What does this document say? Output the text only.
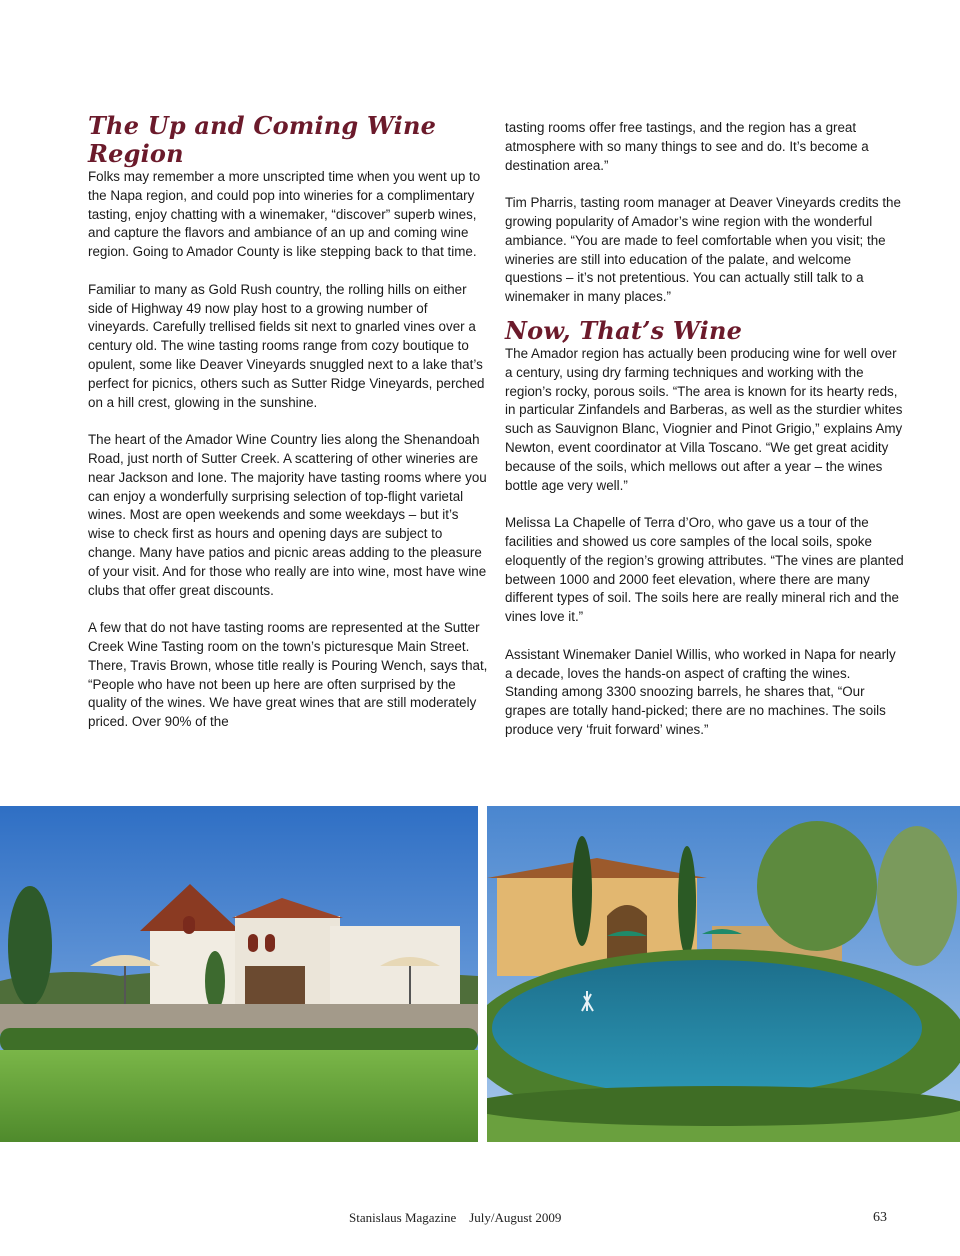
The Up and Coming Wine Region

Folks may remember a more unscripted time when you went up to the Napa region, and could pop into wineries for a complimentary tasting, enjoy chatting with a winemaker, “discover” superb wines, and capture the flavors and ambiance of an up and coming wine region. Going to Amador County is like stepping back to that time.

Familiar to many as Gold Rush country, the rolling hills on either side of Highway 49 now play host to a growing number of vineyards. Carefully trellised fields sit next to gnarled vines over a century old. The wine tasting rooms range from cozy boutique to opulent, some like Deaver Vineyards snuggled next to a lake that’s perfect for picnics, others such as Sutter Ridge Vineyards, perched on a hill crest, glowing in the sunshine.

The heart of the Amador Wine Country lies along the Shenandoah Road, just north of Sutter Creek. A scattering of other wineries are near Jackson and Ione. The majority have tasting rooms where you can enjoy a wonderfully surprising selection of top-flight varietal wines. Most are open weekends and some weekdays – but it’s wise to check first as hours and opening days are subject to change. Many have patios and picnic areas adding to the pleasure of your visit. And for those who really are into wine, most have wine clubs that offer great discounts.

A few that do not have tasting rooms are represented at the Sutter Creek Wine Tasting room on the town’s picturesque Main Street. There, Travis Brown, whose title really is Pouring Wench, says that, “People who have not been up here are often surprised by the quality of the wines. We have great wines that are still moderately priced. Over 90% of the

tasting rooms offer free tastings, and the region has a great atmosphere with so many things to see and do. It’s become a destination area.”

Tim Pharris, tasting room manager at Deaver Vineyards credits the growing popularity of Amador’s wine region with the wonderful ambiance. “You are made to feel comfortable when you visit; the wineries are still into education of the palate, and welcome questions – it’s not pretentious. You can actually still talk to a winemaker in many places.”

Now, That’s Wine

The Amador region has actually been producing wine for well over a century, using dry farming techniques and working with the region’s rocky, porous soils. “The area is known for its hearty reds, in particular Zinfandels and Barberas, as well as the sturdier whites such as Sauvignon Blanc, Viognier and Pinot Grigio,” explains Amy Newton, event coordinator at Villa Toscano. “We get great acidity because of the soils, which mellows out after a year – the wines bottle age very well.”

Melissa La Chapelle of Terra d’Oro, who gave us a tour of the facilities and showed us core samples of the local soils, spoke eloquently of the region’s growing attributes. “The vines are planted between 1000 and 2000 feet elevation, where there are many different types of soil. The soils here are really mineral rich and the vines love it.”

Assistant Winemaker Daniel Willis, who worked in Napa for nearly a decade, loves the hands-on aspect of crafting the wines. Standing among 3300 snoozing barrels, he shares that, “Our grapes are totally hand-picked; there are no machines. The soils produce very ‘fruit forward’ wines.”

Stanislaus Magazine July/August 2009	63
